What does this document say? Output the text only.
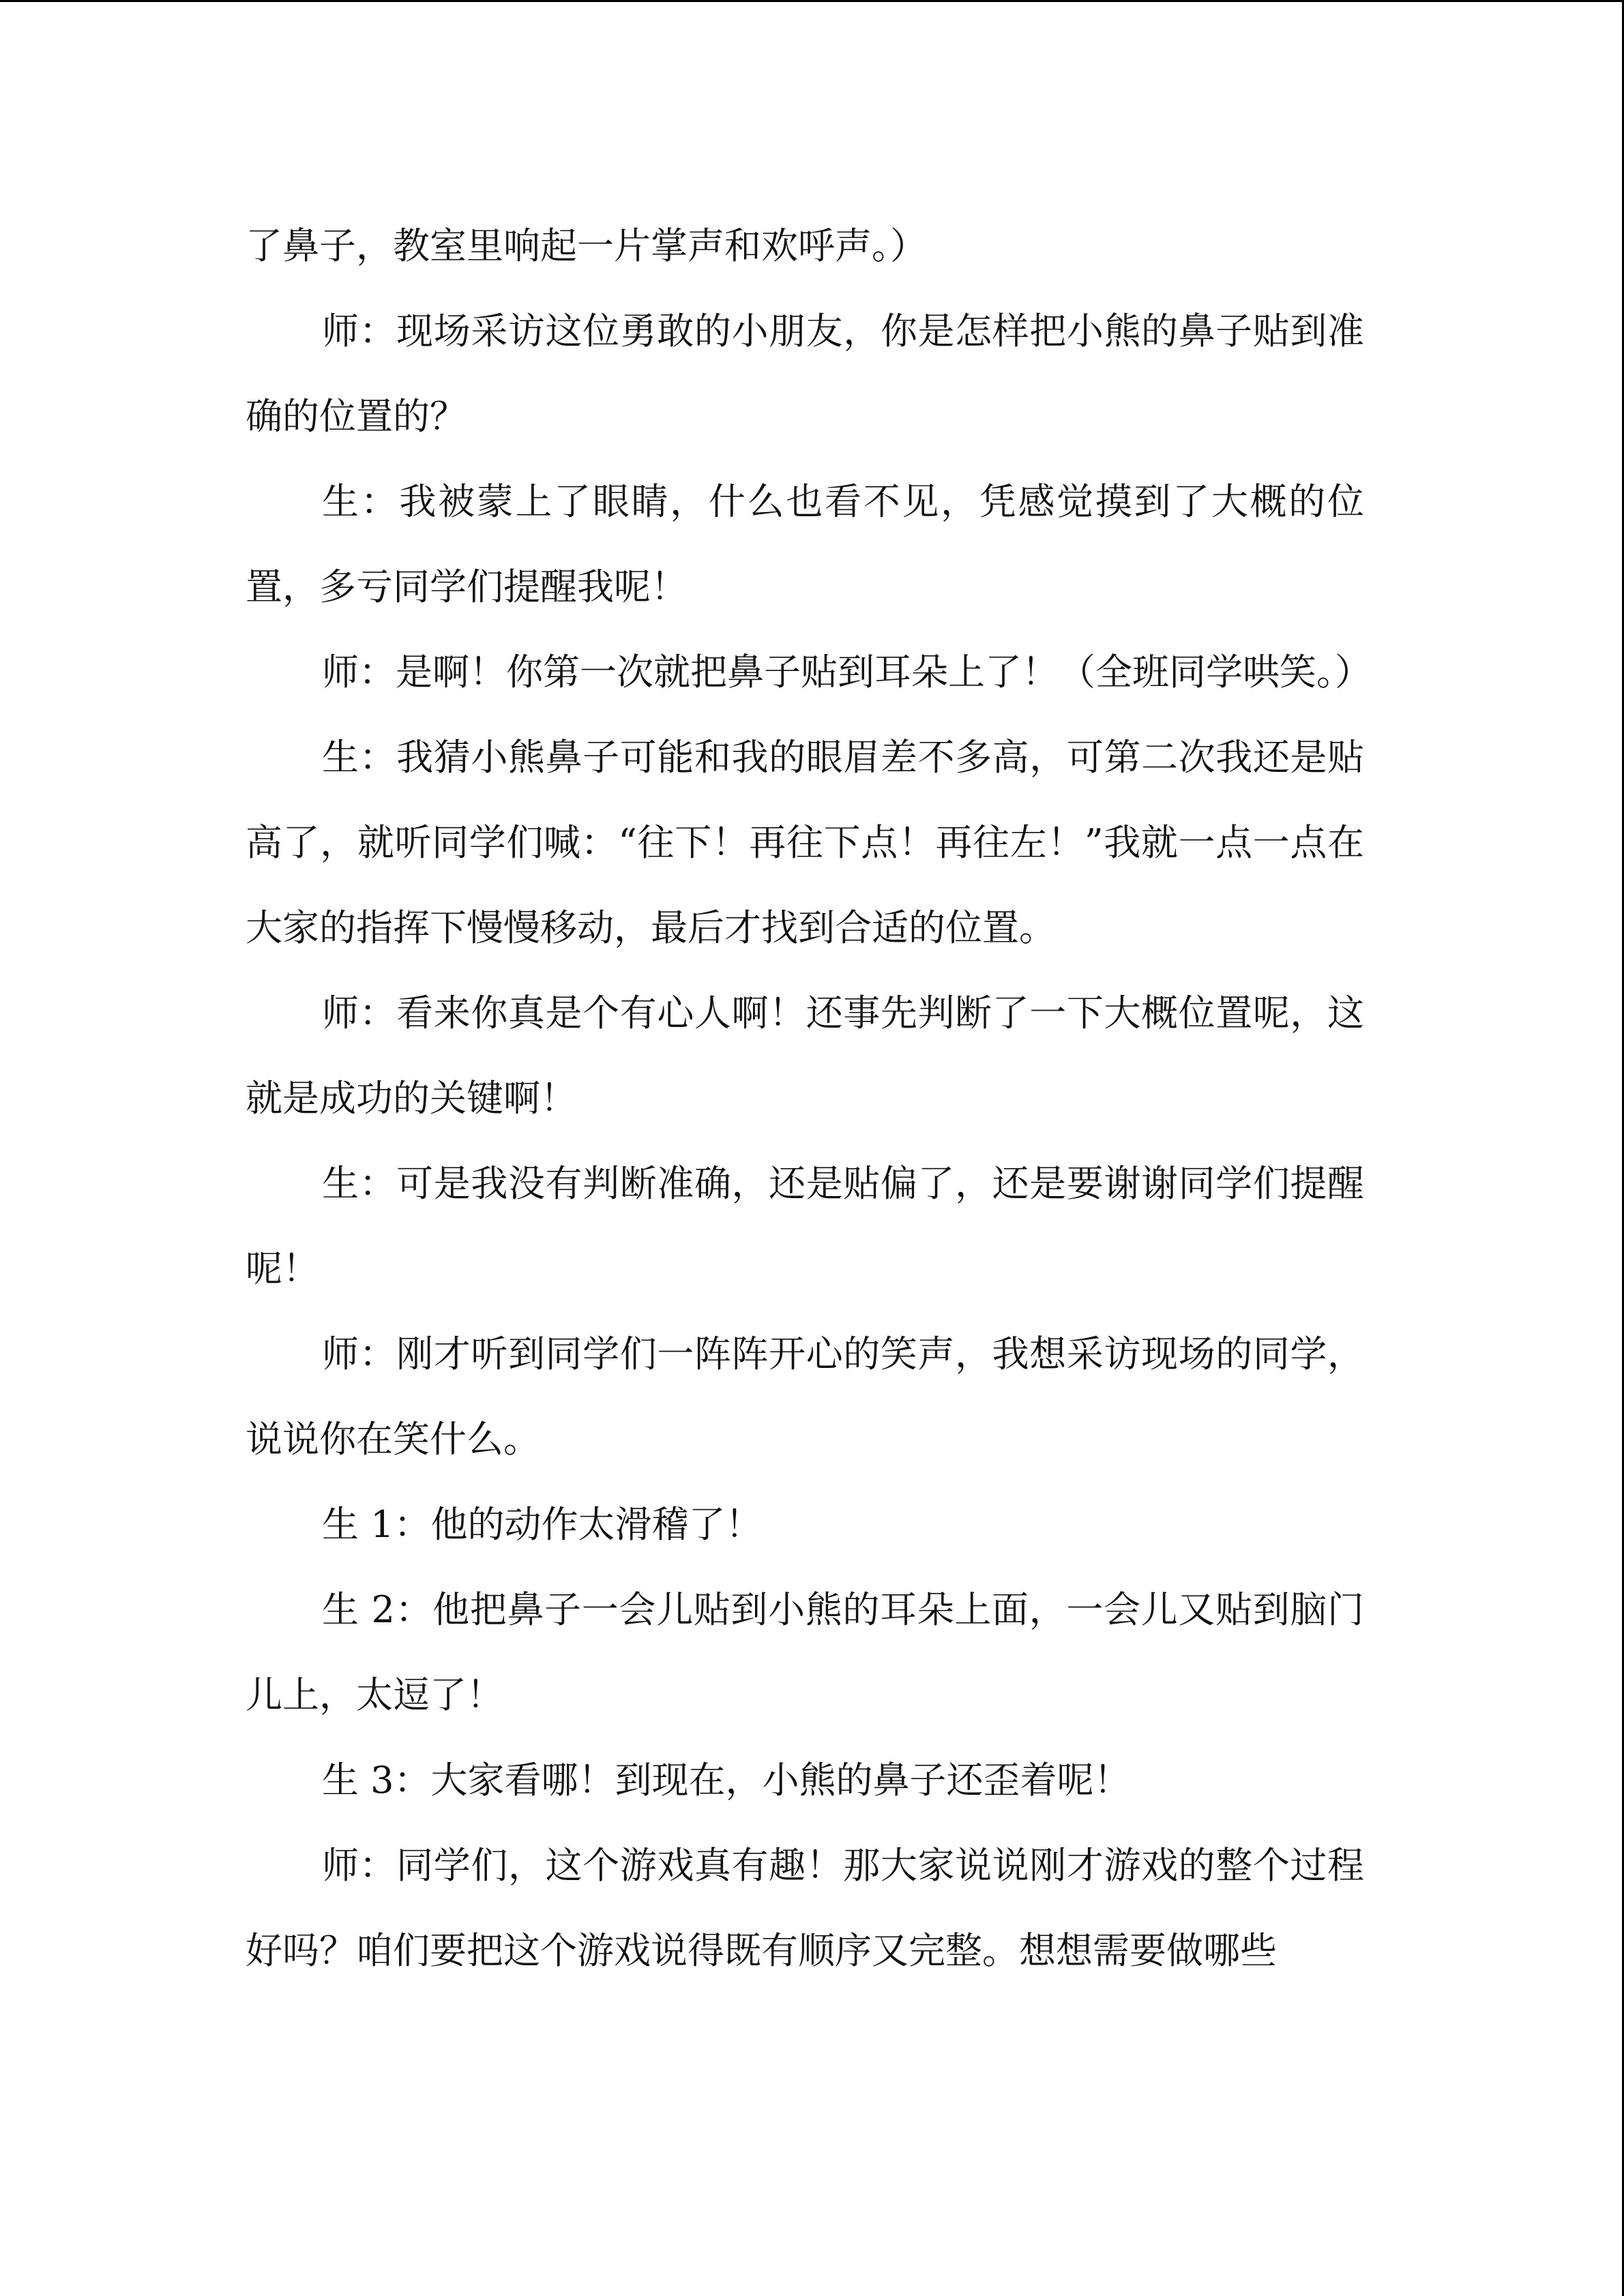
了鼻子，教室里响起一片掌声和欢呼声。）

师：现场采访这位勇敢的小朋友，你是怎样把小熊的鼻子贴到准确的位置的？

生：我被蒙上了眼睛，什么也看不见，凭感觉摸到了大概的位置，多亏同学们提醒我呢！

师：是啊！你第一次就把鼻子贴到耳朵上了！（全班同学哄笑。）

生：我猜小熊鼻子可能和我的眼眉差不多高，可第二次我还是贴高了，就听同学们喊：“往下！再往下点！再往左！”我就一点一点在大家的指挥下慢慢移动，最后才找到合适的位置。

师：看来你真是个有心人啊！还事先判断了一下大概位置呢，这就是成功的关键啊！

生：可是我没有判断准确，还是贴偏了，还是要谢谢同学们提醒呢！

师：刚才听到同学们一阵阵开心的笑声，我想采访现场的同学，说说你在笑什么。

生 1：他的动作太滑稽了！

生 2：他把鼻子一会儿贴到小熊的耳朵上面，一会儿又贴到脑门儿上，太逗了！

生 3：大家看哪！到现在，小熊的鼻子还歪着呢！

师：同学们，这个游戏真有趣！那大家说说刚才游戏的整个过程好吗？咱们要把这个游戏说得既有顺序又完整。想想需要做哪些
